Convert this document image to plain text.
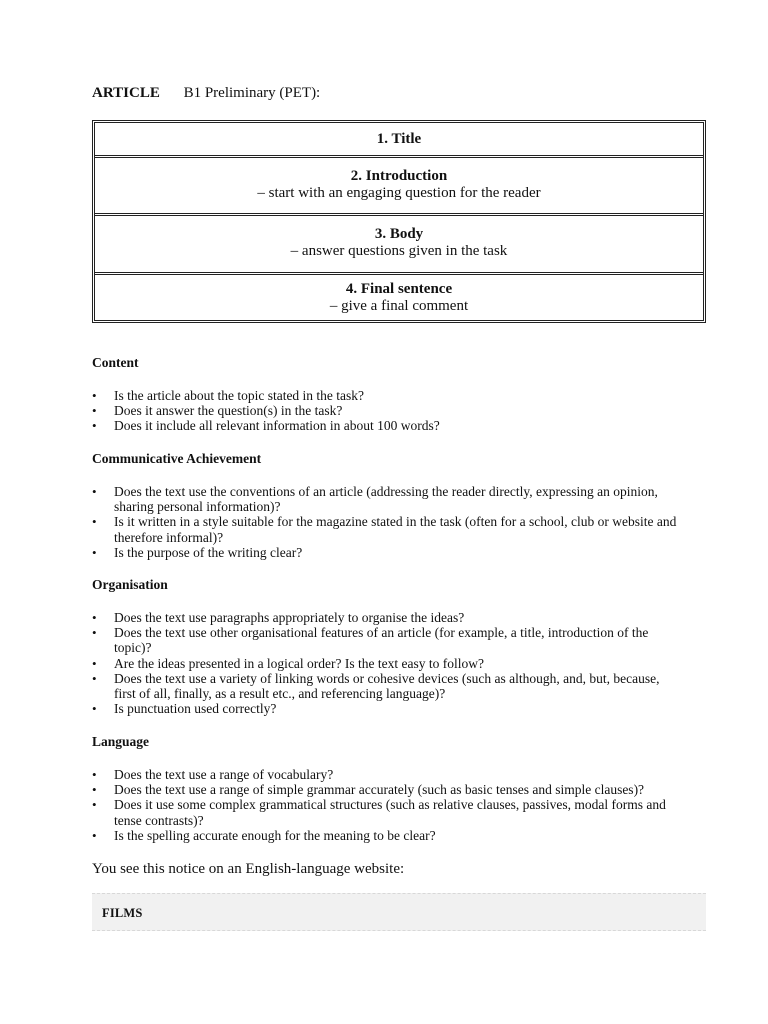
ARTICLE B1 Preliminary (PET):
1. Title
2. Introduction
– start with an engaging question for the reader
3. Body
– answer questions given in the task
4. Final sentence
– give a final comment
Content
• Is the article about the topic stated in the task?
• Does it answer the question(s) in the task?
• Does it include all relevant information in about 100 words?
Communicative Achievement
• Does the text use the conventions of an article (addressing the reader directly, expressing an opinion, sharing personal information)?
• Is it written in a style suitable for the magazine stated in the task (often for a school, club or website and therefore informal)?
• Is the purpose of the writing clear?
Organisation
• Does the text use paragraphs appropriately to organise the ideas?
• Does the text use other organisational features of an article (for example, a title, introduction of the topic)?
• Are the ideas presented in a logical order? Is the text easy to follow?
• Does the text use a variety of linking words or cohesive devices (such as although, and, but, because, first of all, finally, as a result etc., and referencing language)?
• Is punctuation used correctly?
Language
• Does the text use a range of vocabulary?
• Does the text use a range of simple grammar accurately (such as basic tenses and simple clauses)?
• Does it use some complex grammatical structures (such as relative clauses, passives, modal forms and tense contrasts)?
• Is the spelling accurate enough for the meaning to be clear?
You see this notice on an English-language website:
FILMS
